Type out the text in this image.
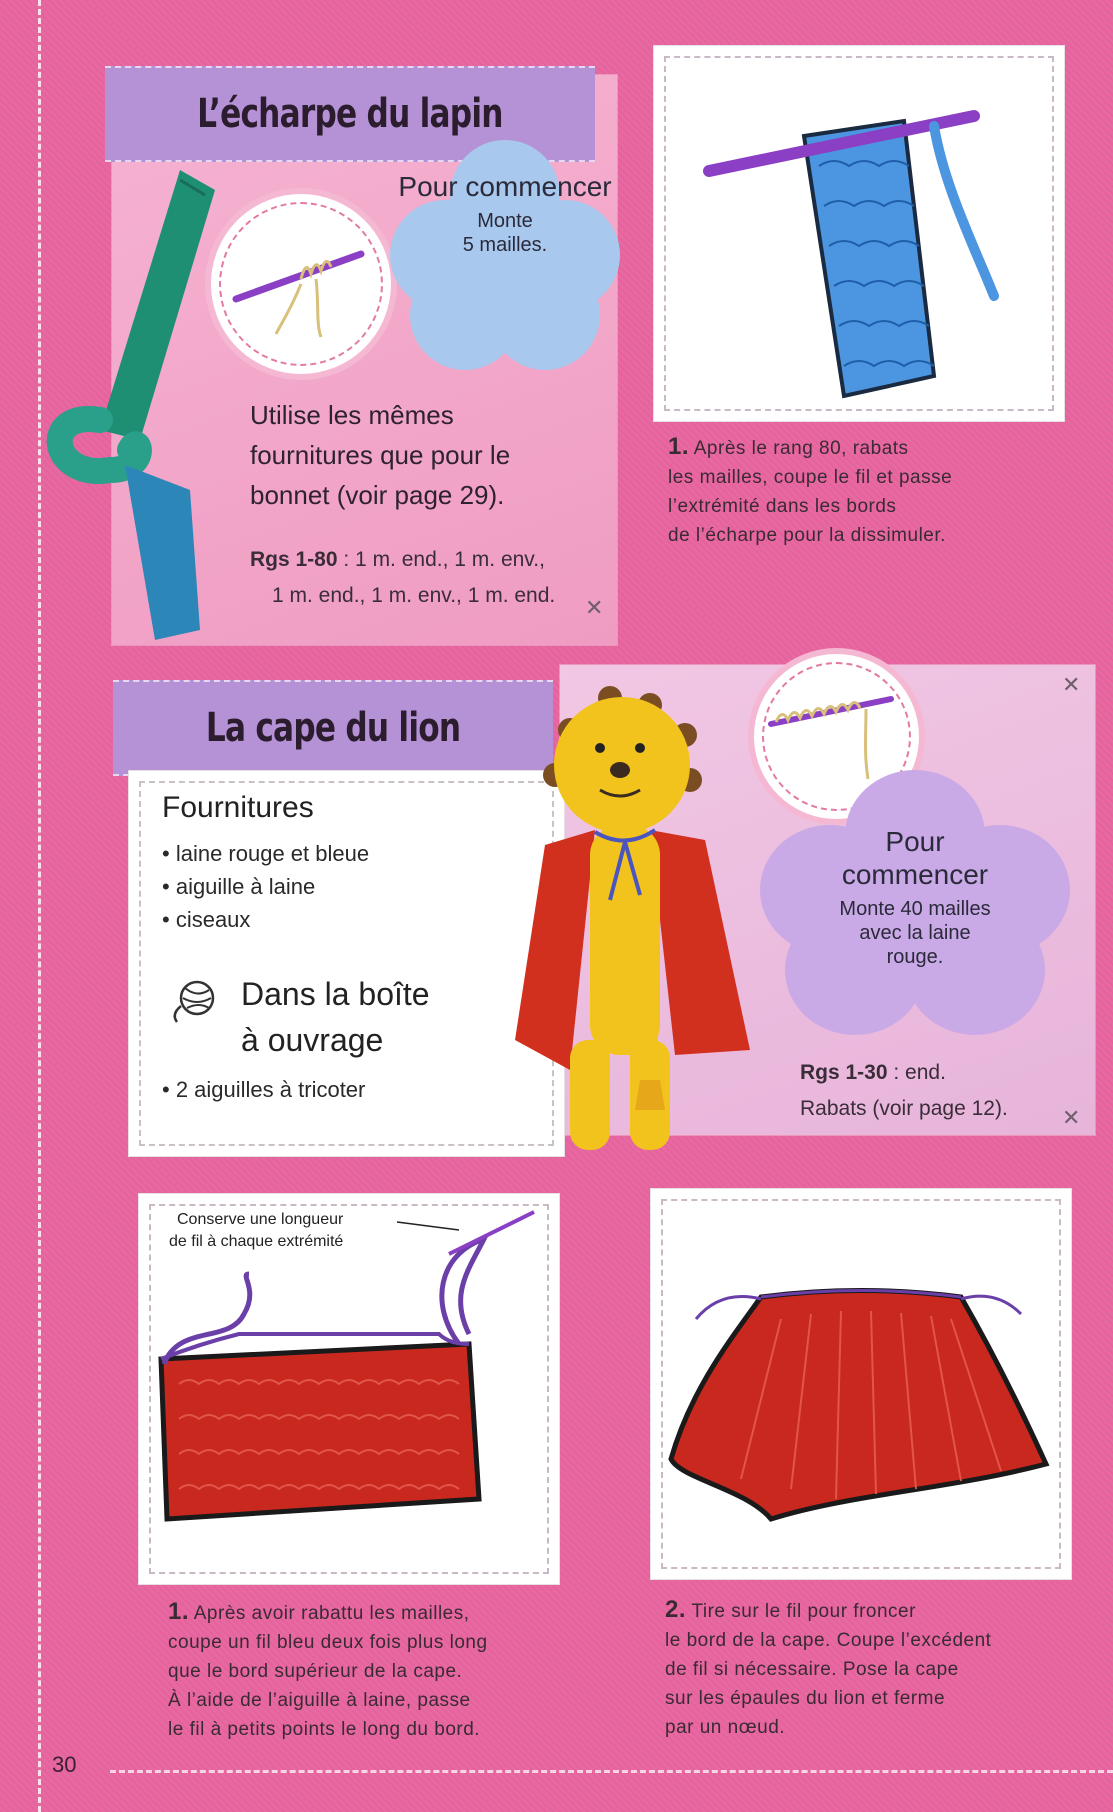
L’écharpe du lapin
Pour commencer
Monte
5 mailles.
Utilise les mêmes
fournitures que pour le
bonnet (voir page 29).
Rgs 1-80 : 1 m. end., 1 m. env.,
1 m. end., 1 m. env., 1 m. end. ✕
1. Après le rang 80, rabats
les mailles, coupe le fil et passe
l’extrémité dans les bords
de l’écharpe pour la dissimuler.
La cape du lion
Fournitures
• laine rouge et bleue
• aiguille à laine
• ciseaux
Dans la boîte
à ouvrage
• 2 aiguilles à tricoter
✕
Pour
commencer
Monte 40 mailles
avec la laine
rouge.
Rgs 1-30 : end.
Rabats (voir page 12). ✕
Conserve une longueur
de fil à chaque extrémité
1. Après avoir rabattu les mailles,
coupe un fil bleu deux fois plus long
que le bord supérieur de la cape.
À l’aide de l’aiguille à laine, passe
le fil à petits points le long du bord.
2. Tire sur le fil pour froncer
le bord de la cape. Coupe l’excédent
de fil si nécessaire. Pose la cape
sur les épaules du lion et ferme
par un nœud.
30
